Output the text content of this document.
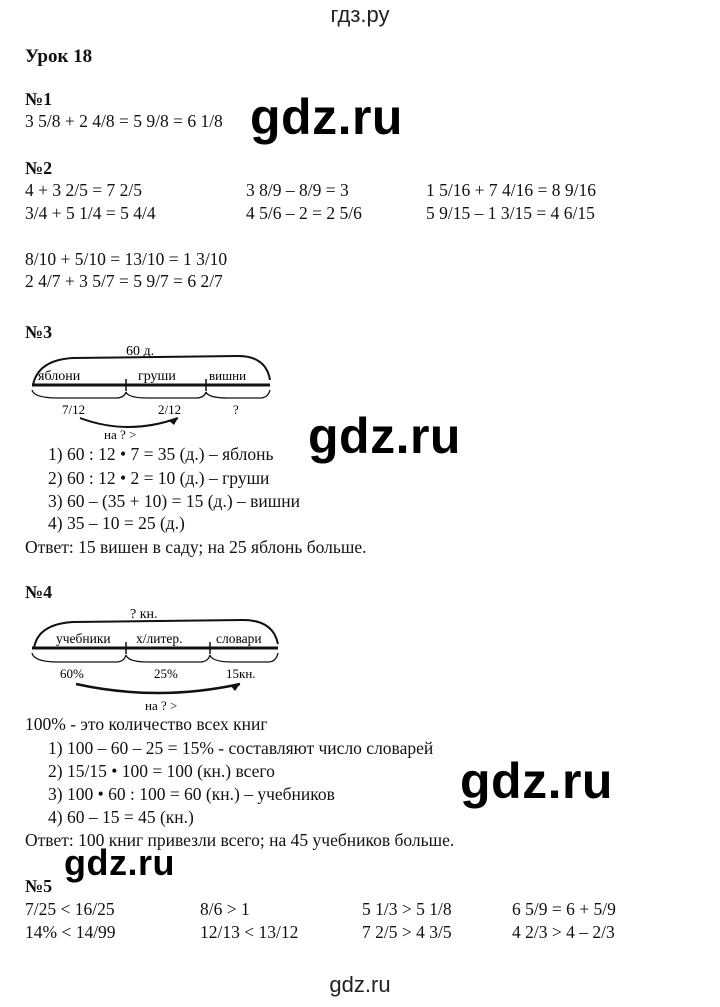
гдз.ру
gdz.ru
gdz.ru
gdz.ru
gdz.ru
gdz.ru
Урок 18
№1
3 5/8 + 2 4/8 = 5 9/8 = 6 1/8
№2
4 + 3 2/5 = 7 2/5	3 8/9 – 8/9 = 3	1 5/16 + 7 4/16 = 8 9/16
3/4 + 5 1/4 = 5 4/4	4 5/6 – 2 = 2 5/6	5 9/15 – 1 3/15 = 4 6/15
8/10 + 5/10 = 13/10 = 1 3/10
2 4/7 + 3 5/7 = 5 9/7 = 6 2/7
№3
60 д.
яблони	груши	вишни
7/12	2/12	?
на ? >
1) 60 : 12 • 7 = 35 (д.) – яблонь
2) 60 : 12 • 2 = 10 (д.) – груши
3) 60 – (35 + 10) = 15 (д.) – вишни
4) 35 – 10 = 25 (д.)
Ответ: 15 вишен в саду; на 25 яблонь больше.
№4
? кн.
учебники х/литер. словари
60%	25%	15кн.
на ? >
100% - это количество всех книг
1) 100 – 60 – 25 = 15% - составляют число словарей
2) 15/15 • 100 = 100 (кн.) всего
3) 100 • 60 : 100 = 60 (кн.) – учебников
4) 60 – 15 = 45 (кн.)
Ответ: 100 книг привезли всего; на 45 учебников больше.
№5
7/25 < 16/25	8/6 > 1	5 1/3 > 5 1/8	6 5/9 = 6 + 5/9
14% < 14/99	12/13 < 13/12	7 2/5 > 4 3/5	4 2/3 > 4 – 2/3
